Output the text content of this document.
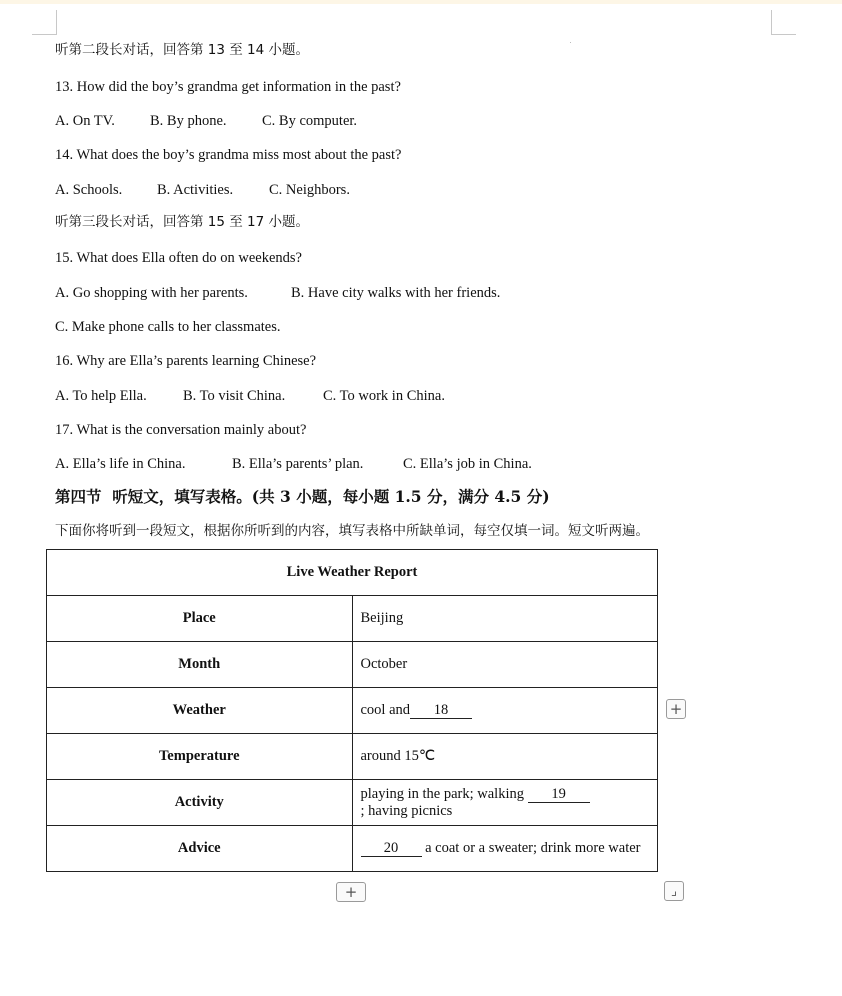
听第二段长对话，回答第 13 至 14 小题。
13. How did the boy’s grandma get information in the past?
A. On TV. B. By phone. C. By computer.
14. What does the boy’s grandma miss most about the past?
A. Schools. B. Activities. C. Neighbors.
听第三段长对话，回答第 15 至 17 小题。
15. What does Ella often do on weekends?
A. Go shopping with her parents.	B. Have city walks with her friends.
C. Make phone calls to her classmates.
16. Why are Ella’s parents learning Chinese?
A. To help Ella.	B. To visit China.	C. To work in China.
17. What is the conversation mainly about?
A. Ella’s life in China.	B. Ella’s parents’ plan.	C. Ella’s job in China.
第四节  听短文，填写表格。(共 3 小题，每小题 1.5 分，满分 4.5 分)
下面你将听到一段短文，根据你所听到的内容，填写表格中所缺单词，每空仅填一词。短文听两遍。
Live Weather Report	
Place	Beijing
Month	October
Weather	cool and 18
Temperature	around 15℃
Activity	playing in the park; walking 19; having picnics
Advice	20 a coat or a sweater; drink more water
+
+	⌟
